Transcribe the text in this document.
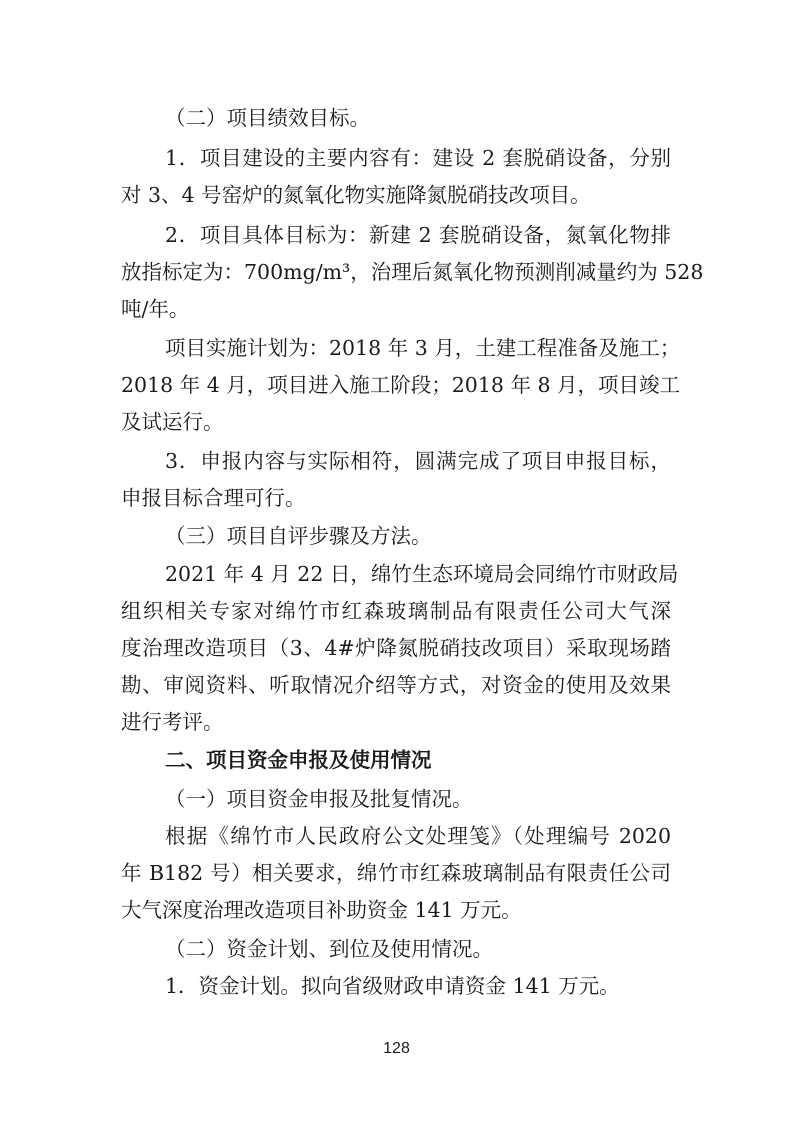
（二）项目绩效目标。
1．项目建设的主要内容有：建设 2 套脱硝设备，分别
对 3、4 号窑炉的氮氧化物实施降氮脱硝技改项目。
2．项目具体目标为：新建 2 套脱硝设备，氮氧化物排
放指标定为：700mg/m³，治理后氮氧化物预测削减量约为 528
吨/年。
项目实施计划为：2018 年 3 月，土建工程准备及施工；
2018 年 4 月，项目进入施工阶段；2018 年 8 月，项目竣工
及试运行。
3．申报内容与实际相符，圆满完成了项目申报目标，
申报目标合理可行。
（三）项目自评步骤及方法。
2021 年 4 月 22 日，绵竹生态环境局会同绵竹市财政局
组织相关专家对绵竹市红森玻璃制品有限责任公司大气深
度治理改造项目（3、4#炉降氮脱硝技改项目）采取现场踏
勘、审阅资料、听取情况介绍等方式，对资金的使用及效果
进行考评。
二、项目资金申报及使用情况
（一）项目资金申报及批复情况。
根据《绵竹市人民政府公文处理笺》（处理编号 2020
年 B182 号）相关要求，绵竹市红森玻璃制品有限责任公司
大气深度治理改造项目补助资金 141 万元。
（二）资金计划、到位及使用情况。
1．资金计划。拟向省级财政申请资金 141 万元。
128
